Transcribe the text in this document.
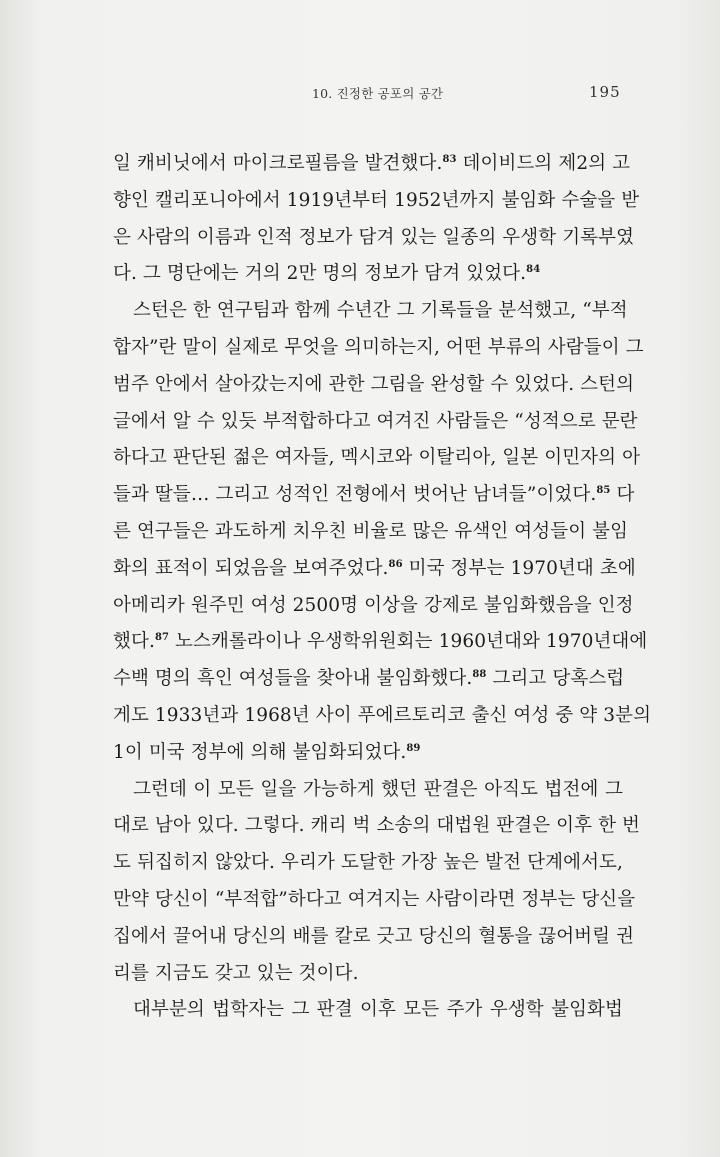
10. 진정한 공포의 공간	195
일 캐비닛에서 마이크로필름을 발견했다.$^{83}$ 데이비드의 제2의 고
향인 캘리포니아에서 1919년부터 1952년까지 불임화 수술을 받
은 사람의 이름과 인적 정보가 담겨 있는 일종의 우생학 기록부였
다. 그 명단에는 거의 2만 명의 정보가 담겨 있었다.$^{84}$
스턴은 한 연구팀과 함께 수년간 그 기록들을 분석했고, “부적
합자”란 말이 실제로 무엇을 의미하는지, 어떤 부류의 사람들이 그
범주 안에서 살아갔는지에 관한 그림을 완성할 수 있었다. 스턴의
글에서 알 수 있듯 부적합하다고 여겨진 사람들은 “성적으로 문란
하다고 판단된 젊은 여자들, 멕시코와 이탈리아, 일본 이민자의 아
들과 딸들… 그리고 성적인 전형에서 벗어난 남녀들”이었다.$^{85}$ 다
른 연구들은 과도하게 치우친 비율로 많은 유색인 여성들이 불임
화의 표적이 되었음을 보여주었다.$^{86}$ 미국 정부는 1970년대 초에
아메리카 원주민 여성 2500명 이상을 강제로 불임화했음을 인정
했다.$^{87}$ 노스캐롤라이나 우생학위원회는 1960년대와 1970년대에
수백 명의 흑인 여성들을 찾아내 불임화했다.$^{88}$ 그리고 당혹스럽
게도 1933년과 1968년 사이 푸에르토리코 출신 여성 중 약 3분의
1이 미국 정부에 의해 불임화되었다.$^{89}$
그런데 이 모든 일을 가능하게 했던 판결은 아직도 법전에 그
대로 남아 있다. 그렇다. 캐리 벅 소송의 대법원 판결은 이후 한 번
도 뒤집히지 않았다. 우리가 도달한 가장 높은 발전 단계에서도,
만약 당신이 “부적합”하다고 여겨지는 사람이라면 정부는 당신을
집에서 끌어내 당신의 배를 칼로 긋고 당신의 혈통을 끊어버릴 권
리를 지금도 갖고 있는 것이다.
대부분의 법학자는 그 판결 이후 모든 주가 우생학 불임화법
